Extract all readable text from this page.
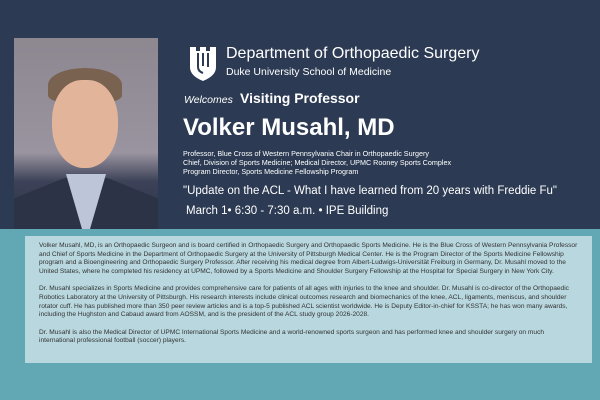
Department of Orthopaedic Surgery
Duke University School of Medicine
Welcomes Visiting Professor
Volker Musahl, MD
Professor, Blue Cross of Western Pennsylvania Chair in Orthopaedic Surgery
Chief, Division of Sports Medicine; Medical Director, UPMC Rooney Sports Complex
Program Director, Sports Medicine Fellowship Program
"Update on the ACL - What I have learned from 20 years with Freddie Fu"
March 1• 6:30 - 7:30 a.m. • IPE Building

Volker Musahl, MD, is an Orthopaedic Surgeon and is board certified in Orthopaedic Surgery and Orthopaedic Sports Medicine. He is the Blue Cross of Western Pennsylvania Professor and Chief of Sports Medicine in the Department of Orthopaedic Surgery at the University of Pittsburgh Medical Center. He is the Program Director of the Sports Medicine Fellowship program and a Bioengineering and Orthopaedic Surgery Professor. After receiving his medical degree from Albert-Ludwigs-Universität Freiburg in Germany, Dr. Musahl moved to the United States, where he completed his residency at UPMC, followed by a Sports Medicine and Shoulder Surgery Fellowship at the Hospital for Special Surgery in New York City.

Dr. Musahl specializes in Sports Medicine and provides comprehensive care for patients of all ages with injuries to the knee and shoulder. Dr. Musahl is co-director of the Orthopaedic Robotics Laboratory at the University of Pittsburgh. His research interests include clinical outcomes research and biomechanics of the knee, ACL, ligaments, meniscus, and shoulder rotator cuff. He has published more than 350 peer review articles and is a top-5 published ACL scientist worldwide. He is Deputy Editor-in-chief for KSSTA; he has won many awards, including the Hughston and Cabaud award from AOSSM, and is the president of the ACL study group 2026-2028.

Dr. Musahl is also the Medical Director of UPMC International Sports Medicine and a world-renowned sports surgeon and has performed knee and shoulder surgery on much international professional football (soccer) players.
